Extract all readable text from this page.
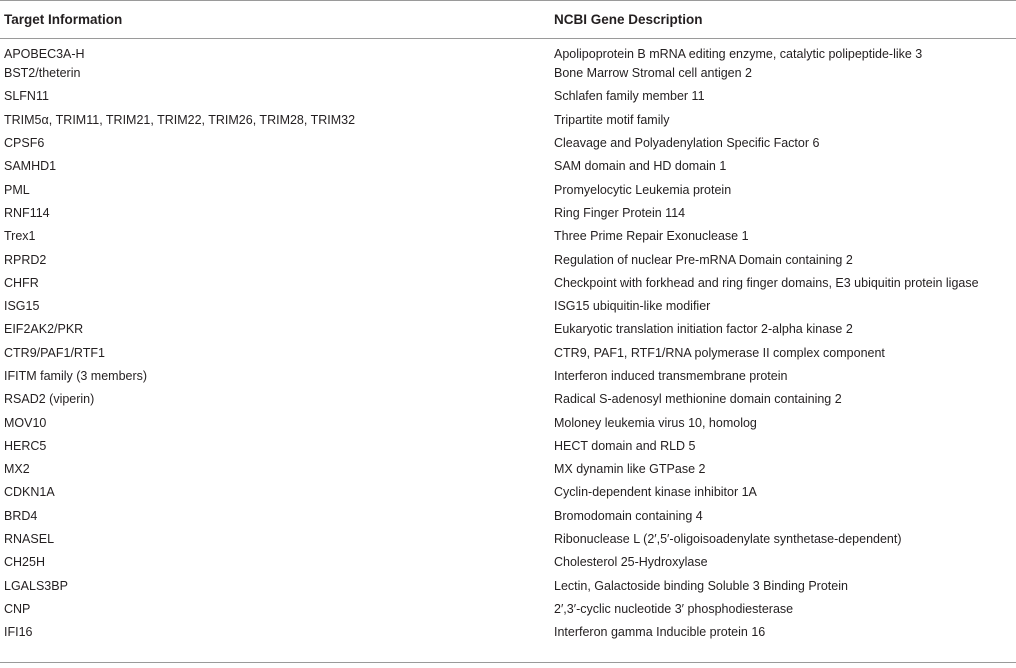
Target Information	NCBI Gene Description
APOBEC3A-H	Apolipoprotein B mRNA editing enzyme, catalytic polipeptide-like 3
BST2/theterin	Bone Marrow Stromal cell antigen 2
SLFN11	Schlafen family member 11
TRIM5α, TRIM11, TRIM21, TRIM22, TRIM26, TRIM28, TRIM32	Tripartite motif family
CPSF6	Cleavage and Polyadenylation Specific Factor 6
SAMHD1	SAM domain and HD domain 1
PML	Promyelocytic Leukemia protein
RNF114	Ring Finger Protein 114
Trex1	Three Prime Repair Exonuclease 1
RPRD2	Regulation of nuclear Pre-mRNA Domain containing 2
CHFR	Checkpoint with forkhead and ring finger domains, E3 ubiquitin protein ligase
ISG15	ISG15 ubiquitin-like modifier
EIF2AK2/PKR	Eukaryotic translation initiation factor 2-alpha kinase 2
CTR9/PAF1/RTF1	CTR9, PAF1, RTF1/RNA polymerase II complex component
IFITM family (3 members)	Interferon induced transmembrane protein
RSAD2 (viperin)	Radical S-adenosyl methionine domain containing 2
MOV10	Moloney leukemia virus 10, homolog
HERC5	HECT domain and RLD 5
MX2	MX dynamin like GTPase 2
CDKN1A	Cyclin-dependent kinase inhibitor 1A
BRD4	Bromodomain containing 4
RNASEL	Ribonuclease L (2′,5′-oligoisoadenylate synthetase-dependent)
CH25H	Cholesterol 25-Hydroxylase
LGALS3BP	Lectin, Galactoside binding Soluble 3 Binding Protein
CNP	2′,3′-cyclic nucleotide 3′ phosphodiesterase
IFI16	Interferon gamma Inducible protein 16
